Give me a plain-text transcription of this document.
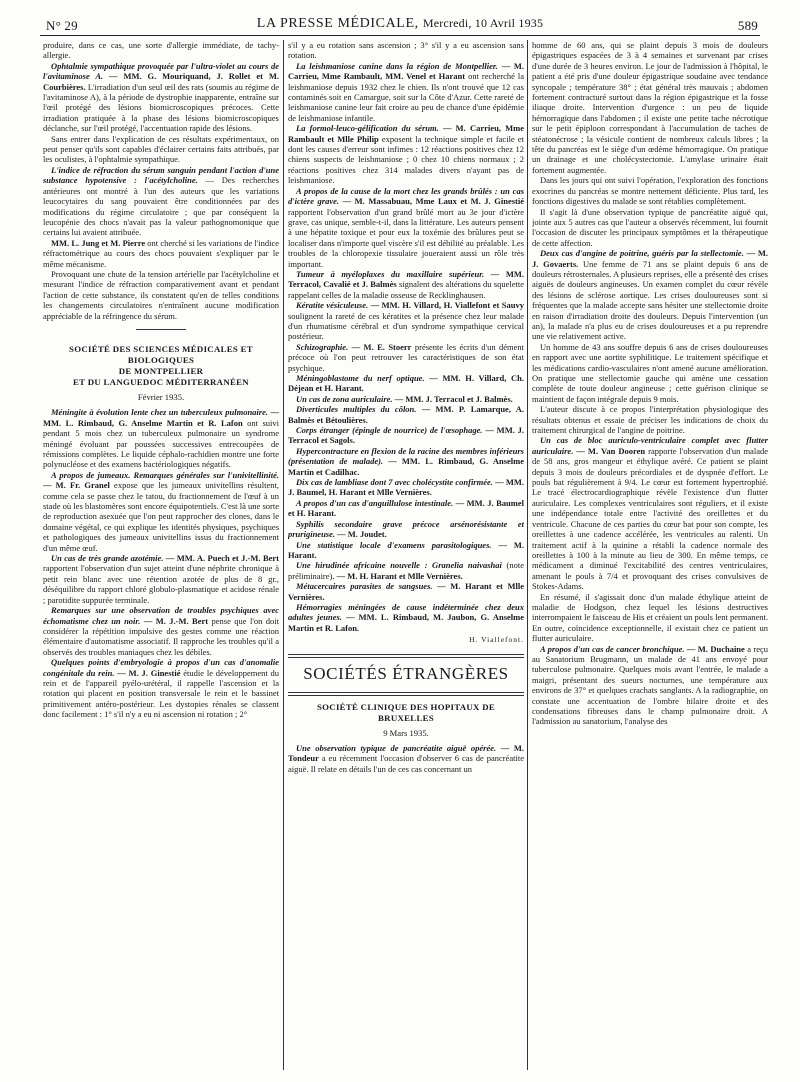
N° 29	LA PRESSE MÉDICALE, Mercredi, 10 Avril 1935	589

produire, dans ce cas, une sorte d'allergie immédiate, de tachy-allergie.

Ophtalmie sympathique provoquée par l'ultra-violet au cours de l'avitaminose A. — MM. G. Mouriquand, J. Rollet et M. Courbières. L'irradiation d'un seul œil des rats (soumis au régime de l'avitaminose A), à la période de dystrophie inapparente, entraîne sur l'œil protégé des lésions biomicroscopiques précoces. Cette irradiation pratiquée à la phase des lésions biomicroscopiques déclanche, sur l'œil protégé, l'accentuation rapide des lésions.

Sans entrer dans l'explication de ces résultats expérimentaux, on peut penser qu'ils sont capables d'éclairer certains faits attribués, par les oculistes, à l'ophtalmie sympathique.

L'indice de réfraction du sérum sanguin pendant l'action d'une substance hypotensive : l'acétylcholine. — Des recherches antérieures ont montré à l'un des auteurs que les variations leucocytaires du sang pouvaient être conditionnées par des modifications du régime circulatoire ; que par conséquent la leucopénie des chocs n'avait pas la valeur pathognomonique que certains lui avaient attribuée.

MM. L. Jung et M. Pierre ont cherché si les variations de l'indice réfractométrique au cours des chocs pouvaient s'expliquer par le même mécanisme.

Provoquant une chute de la tension artérielle par l'acétylcholine et mesurant l'indice de réfraction comparativement avant et pendant l'action de cette substance, ils constatent qu'en de telles conditions les changements circulatoires n'entraînent aucune modification appréciable de la réfringence du sérum.

SOCIÉTÉ DES SCIENCES MÉDICALES ET BIOLOGIQUES
DE MONTPELLIER
ET DU LANGUEDOC MÉDITERRANÉEN
Février 1935.

Méningite à évolution lente chez un tuberculeux pulmonaire. — MM. L. Rimbaud, G. Anselme Martin et R. Lafon ont suivi pendant 5 mois chez un tuberculeux pulmonaire un syndrome méningé évoluant par poussées successives entrecoupées de rémissions complètes. Le liquide céphalo-rachidien montre une forte polynucléose et des examens bactériologiques négatifs.

A propos de jumeaux. Remarques générales sur l'univitellinité. — M. Fr. Granel expose que les jumeaux univitellins résultent, comme cela se passe chez le tatou, du fractionnement de l'œuf à un stade où les blastomères sont encore équipotentiels. C'est là une sorte de reproduction asexuée que l'on peut rapprocher des clones, dans le domaine végétal, ce qui explique les identités physiques, psychiques et pathologiques des jumeaux univitellins issus du fractionnement d'un même œuf.

Un cas de très grande azotémie. — MM. A. Puech et J.-M. Bert rapportent l'observation d'un sujet atteint d'une néphrite chronique à petit rein blanc avec une rétention azotée de plus de 8 gr., déséquilibre du rapport chloré globulo-plasmatique et acidose rénale ; parotidite suppurée terminale.

Remarques sur une observation de troubles psychiques avec échomatisme chez un noir. — M. J.-M. Bert pense que l'on doit considérer la répétition impulsive des gestes comme une réaction élémentaire d'automatisme associatif. Il rapproche les troubles qu'il a observés des troubles maniaques chez les débiles.

Quelques points d'embryologie à propos d'un cas d'anomalie congénitale du rein. — M. J. Ginestié étudie le développement du rein et de l'appareil pyélo-urétéral, il rappelle l'ascension et la rotation qui placent en position transversale le rein et le bassinet primitivement antéro-postérieur. Les dystopies rénales se classent donc facilement : 1° s'il n'y a eu ni ascension ni rotation ; 2°

s'il y a eu rotation sans ascension ; 3° s'il y a eu ascension sans rotation.

La leishmaniose canine dans la région de Montpellier. — M. Carrieu, Mme Rambault, MM. Venel et Harant ont recherché la leishmaniose depuis 1932 chez le chien. Ils n'ont trouvé que 12 cas contaminés soit en Camargue, soit sur la Côte d'Azur. Cette rareté de leishmaniose canine leur fait croire au peu de chance d'une épidémie de leishmaniose infantile.

La formol-leuco-gélification du sérum. — M. Carrieu, Mme Rambault et Mlle Philip exposent la technique simple et facile et dont les causes d'erreur sont infimes : 12 réactions positives chez 12 chiens suspects de leishmaniose ; 0 chez 10 chiens normaux ; 2 réactions positives chez 314 malades divers n'ayant pas de leishmaniose.

A propos de la cause de la mort chez les grands brûlés : un cas d'ictère grave. — M. Massabuau, Mme Laux et M. J. Ginestié rapportent l'observation d'un grand brûlé mort au 3e jour d'ictère grave, cas unique, semble-t-il, dans la littérature. Les auteurs pensent à une hépatite toxique et pour eux la toxémie des brûlures peut se localiser dans n'importe quel viscère s'il est débilité au préalable. Les troubles de la chloropexie tissulaire joueraient aussi un rôle très important.

Tumeur à myéloplaxes du maxillaire supérieur. — MM. Terracol, Cavalié et J. Balmès signalent des altérations du squelette rappelant celles de la maladie osseuse de Recklinghausen.

Kératite vésiculeuse. — MM. H. Villard, H. Viallefont et Sauvy soulignent la rareté de ces kératites et la présence chez leur malade d'un rhumatisme cérébral et d'un syndrome sympathique cervical postérieur.

Schizographie. — M. E. Stoerr présente les écrits d'un dément précoce où l'on peut retrouver les caractéristiques de son état psychique.

Méningoblastome du nerf optique. — MM. H. Villard, Ch. Déjean et H. Harant.

Un cas de zona auriculaire. — MM. J. Terracol et J. Balmès.

Diverticules multiples du côlon. — MM. P. Lamarque, A. Balmès et Bétoulières.

Corps étranger (épingle de nourrice) de l'œsophage. — MM. J. Terracol et Sagols.

Hypercontracture en flexion de la racine des membres inférieurs (présentation de malade). — MM. L. Rimbaud, G. Anselme Martin et Cadilhac.

Dix cas de lambliase dont 7 avec cholécystite confirmée. — MM. J. Baumel, H. Harant et Mlle Vernières.

A propos d'un cas d'anguillulose intestinale. — MM. J. Baumel et H. Harant.

Syphilis secondaire grave précoce arsénorésistante et prurigineuse. — M. Joudet.

Une statistique locale d'examens parasitologiques. — M. Harant.

Une hirudinée africaine nouvelle : Granelia naivashai (note préliminaire). — M. H. Harant et Mlle Vernières.

Métacercaires parasites de sangsues. — M. Harant et Mlle Vernières.

Hémorragies méningées de cause indéterminée chez deux adultes jeunes. — MM. L. Rimbaud, M. Jaubon, G. Anselme Martin et R. Lafon.

H. Viallefont.
SOCIÉTÉS ÉTRANGÈRES
SOCIÉTÉ CLINIQUE DES HOPITAUX DE BRUXELLES
9 Mars 1935.

Une observation typique de pancréatite aiguë opérée. — M. Tondeur a eu récemment l'occasion d'observer 6 cas de pancréatite aiguë. Il relate en détails l'un de ces cas concernant un

homme de 60 ans, qui se plaint depuis 3 mois de douleurs épigastriques espacées de 3 à 4 semaines et survenant par crises d'une durée de 3 heures environ. Le jour de l'admission à l'hôpital, le patient a été pris d'une douleur épigastrique soudaine avec tendance syncopale ; température 38° ; état général très mauvais ; abdomen fortement contracturé surtout dans la région épigastrique et la fosse iliaque droite. Intervention d'urgence : un peu de liquide hémorragique dans l'abdomen ; il existe une petite tache nécrotique sur le petit épiploon correspondant à l'accumulation de taches de stéatonécrose ; la vésicule contient de nombreux calculs libres ; la tête du pancréas est le siège d'un œdème hémorragique. On pratique un drainage et une cholécystectomie. L'amylase urinaire était fortement augmentée.

Dans les jours qui ont suivi l'opération, l'exploration des fonctions exocrines du pancréas se montre nettement déficiente. Plus tard, les fonctions digestives du malade se sont rétablies complètement.

Il s'agit là d'une observation typique de pancréatite aiguë qui, jointe aux 5 autres cas que l'auteur a observés récemment, lui fournit l'occasion de discuter les principaux symptômes et la thérapeutique de cette affection.

Deux cas d'angine de poitrine, guéris par la stellectomie. — M. J. Govaerts. Une femme de 71 ans se plaint depuis 6 ans de douleurs rétrosternales. A plusieurs reprises, elle a présenté des crises aiguës de douleurs angineuses. Un examen complet du cœur révèle des lésions de sclérose aortique. Les crises douloureuses sont si fréquentes que la malade accepte sans hésiter une stellectomie droite en raison d'irradiation droite des douleurs. Depuis l'intervention (un an), la malade n'a plus eu de crises douloureuses et a pu reprendre une vie relativement active.

Un homme de 43 ans souffre depuis 6 ans de crises douloureuses en rapport avec une aortite syphilitique. Le traitement spécifique et les médications cardio-vasculaires n'ont amené aucune amélioration. On pratique une stellectomie gauche qui amène une cessation complète de toute douleur angineuse ; cette guérison clinique se maintient de façon intégrale depuis 9 mois.

L'auteur discute à ce propos l'interprétation physiologique des résultats obtenus et essaie de préciser les indications de choix du traitement chirurgical de l'angine de poitrine.

Un cas de bloc auriculo-ventriculaire complet avec flutter auriculaire. — M. Van Dooren rapporte l'observation d'un malade de 58 ans, gros mangeur et éthylique avéré. Ce patient se plaint depuis 3 mois de douleurs précordiales et de dyspnée d'effort. Le pouls bat régulièrement à 9/4. Le cœur est fortement hypertrophié. Le tracé électrocardiographique révèle l'existence d'un flutter auriculaire. Les complexes ventriculaires sont réguliers, et il existe une indépendance totale entre l'activité des oreillettes et du ventricule. Chacune de ces parties du cœur bat pour son compte, les oreillettes à une cadence accélérée, les ventricules au ralenti. Un traitement actif à la quinine a rétabli la cadence normale des oreillettes à 100 à la minute au lieu de 300. En même temps, ce médicament a diminué l'excitabilité des centres ventriculaires, amenant le pouls à 7/4 et provoquant des crises convulsives de Stokes-Adams.

En résumé, il s'agissait donc d'un malade éthylique atteint de maladie de Hodgson, chez lequel les lésions destructives interrompaient le faisceau de His et créaient un pouls lent permanent. En outre, coïncidence exceptionnelle, il existait chez ce patient un flutter auriculaire.

A propos d'un cas de cancer bronchique. — M. Duchaine a reçu au Sanatorium Brugmann, un malade de 41 ans envoyé pour tuberculose pulmonaire. Quelques mois avant l'entrée, le malade a maigri, présentant des sueurs nocturnes, une température aux environs de 37° et quelques crachats sanglants. A la radiographie, on constate une accentuation de l'ombre hilaire droite et des condensations fibreuses dans le champ pulmonaire droit. A l'admission au sanatorium, l'analyse des
